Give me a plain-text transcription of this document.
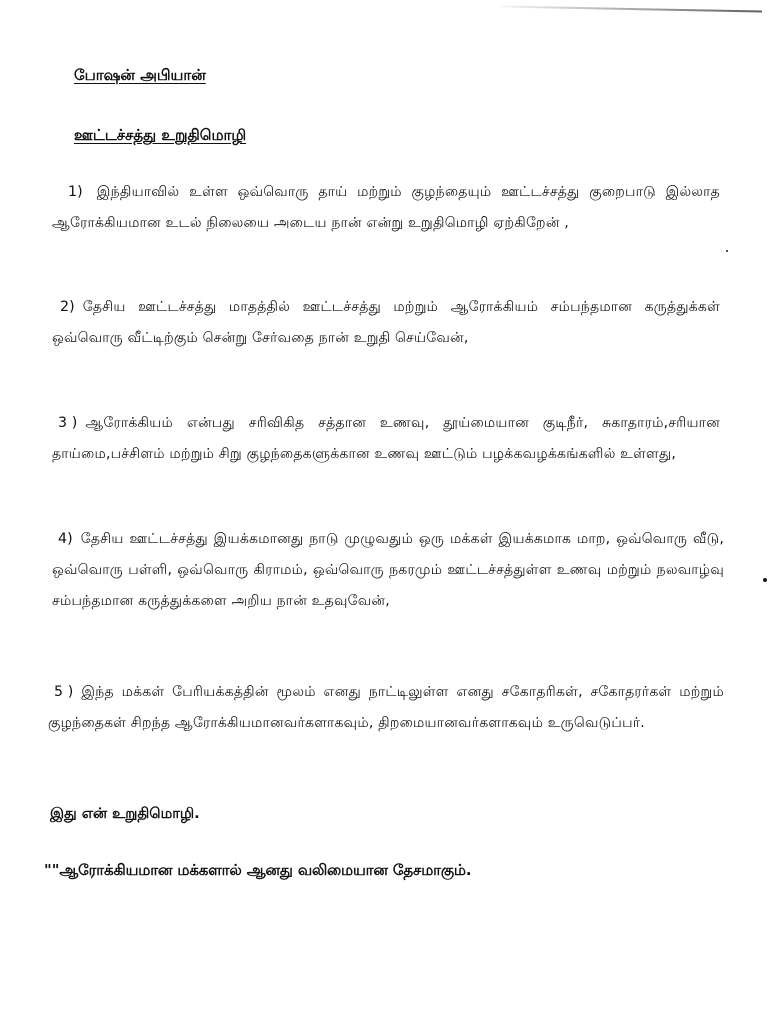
போஷன் அபியான்
ஊட்டச்சத்து உறுதிமொழி
1) இந்தியாவில் உள்ள ஒவ்வொரு தாய் மற்றும் குழந்தையும் ஊட்டச்சத்து குறைபாடு இல்லாத ஆரோக்கியமான உடல் நிலையை அடைய நான் என்று உறுதிமொழி ஏற்கிறேன் ,
2) தேசிய ஊட்டச்சத்து மாதத்தில் ஊட்டச்சத்து மற்றும் ஆரோக்கியம் சம்பந்தமான கருத்துக்கள் ஒவ்வொரு வீட்டிற்கும் சென்று சேர்வதை நான் உறுதி செய்வேன்,
3 ) ஆரோக்கியம் என்பது சரிவிகித சத்தான உணவு, தூய்மையான குடிநீர், சுகாதாரம்,சரியான தாய்மை,பச்சிளம் மற்றும் சிறு குழந்தைகளுக்கான உணவு ஊட்டும் பழக்கவழக்கங்களில் உள்ளது,
4) தேசிய ஊட்டச்சத்து இயக்கமானது நாடு முழுவதும் ஒரு மக்கள் இயக்கமாக மாற, ஒவ்வொரு வீடு, ஒவ்வொரு பள்ளி, ஒவ்வொரு கிராமம், ஒவ்வொரு நகரமும் ஊட்டச்சத்துள்ள உணவு மற்றும் நலவாழ்வு சம்பந்தமான கருத்துக்களை அறிய நான் உதவுவேன்,
5 ) இந்த மக்கள் பேரியக்கத்தின் மூலம் எனது நாட்டிலுள்ள எனது சகோதரிகள், சகோதரர்கள் மற்றும் குழந்தைகள் சிறந்த ஆரோக்கியமானவர்களாகவும், திறமையானவர்களாகவும் உருவெடுப்பர்.
இது என் உறுதிமொழி.
""ஆரோக்கியமான மக்களால் ஆனது வலிமையான தேசமாகும்.
